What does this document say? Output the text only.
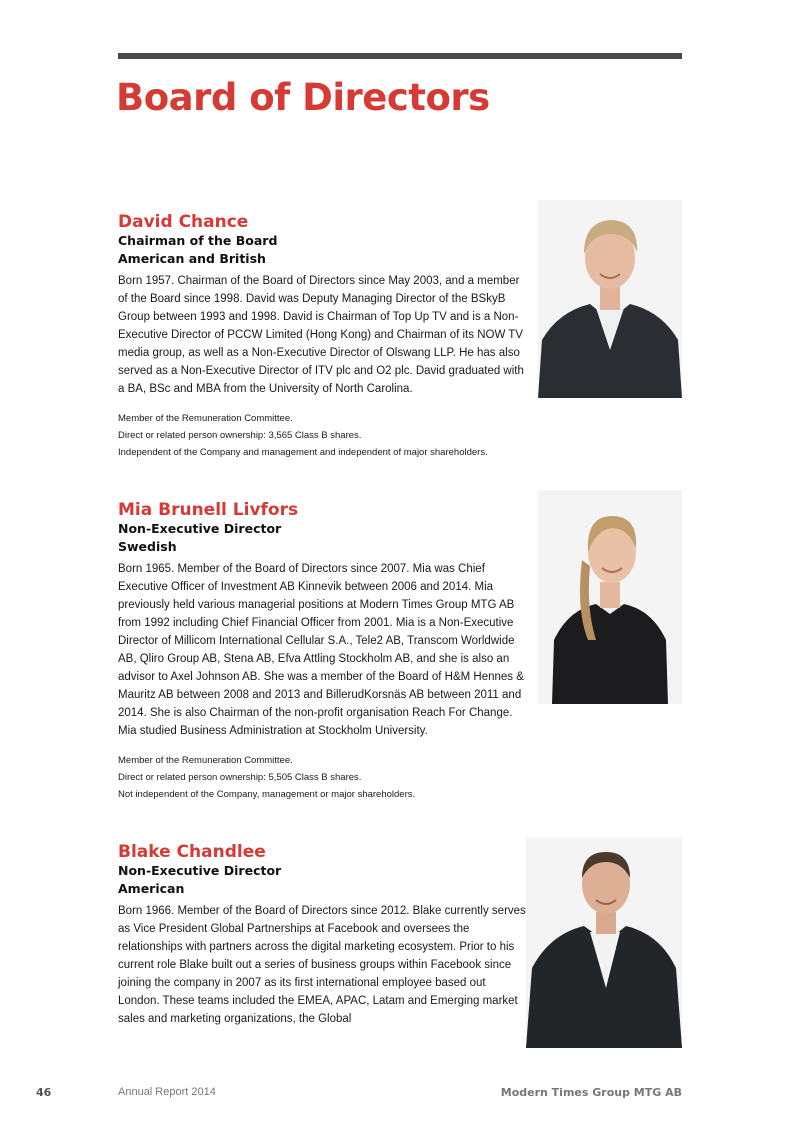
Board of Directors
David Chance

Chairman of the Board

American and British

Born 1957. Chairman of the Board of Directors since May 2003, and a member of the Board since 1998. David was Deputy Managing Director of the BSkyB Group between 1993 and 1998. David is Chairman of Top Up TV and is a Non-Executive Director of PCCW Limited (Hong Kong) and Chairman of its NOW TV media group, as well as a Non-Executive Director of Olswang LLP. He has also served as a Non-Executive Director of ITV plc and O2 plc. David graduated with a BA, BSc and MBA from the University of North Carolina.

Member of the Remuneration Committee.

Direct or related person ownership: 3,565 Class B shares.

Independent of the Company and management and independent of major shareholders.

Mia Brunell Livfors

Non-Executive Director

Swedish

Born 1965. Member of the Board of Directors since 2007. Mia was Chief Executive Officer of Investment AB Kinnevik between 2006 and 2014. Mia previously held various managerial positions at Modern Times Group MTG AB from 1992 including Chief Financial Officer from 2001. Mia is a Non-Executive Director of Millicom International Cellular S.A., Tele2 AB, Transcom Worldwide AB, Qliro Group AB, Stena AB, Efva Attling Stockholm AB, and she is also an advisor to Axel Johnson AB. She was a member of the Board of H&M Hennes & Mauritz AB between 2008 and 2013 and BillerudKorsnäs AB between 2011 and 2014. She is also Chairman of the non-profit organisation Reach For Change. Mia studied Business Administration at Stockholm University.

Member of the Remuneration Committee.

Direct or related person ownership: 5,505 Class B shares.

Not independent of the Company, management or major shareholders.

Blake Chandlee

Non-Executive Director

American

Born 1966. Member of the Board of Directors since 2012. Blake currently serves as Vice President Global Partnerships at Facebook and oversees the relationships with partners across the digital marketing ecosystem. Prior to his current role Blake built out a series of business groups within Facebook since joining the company in 2007 as its first international employee based out London. These teams included the EMEA, APAC, Latam and Emerging market sales and marketing organizations, the Global

46	Annual Report 2014	Modern Times Group MTG AB
